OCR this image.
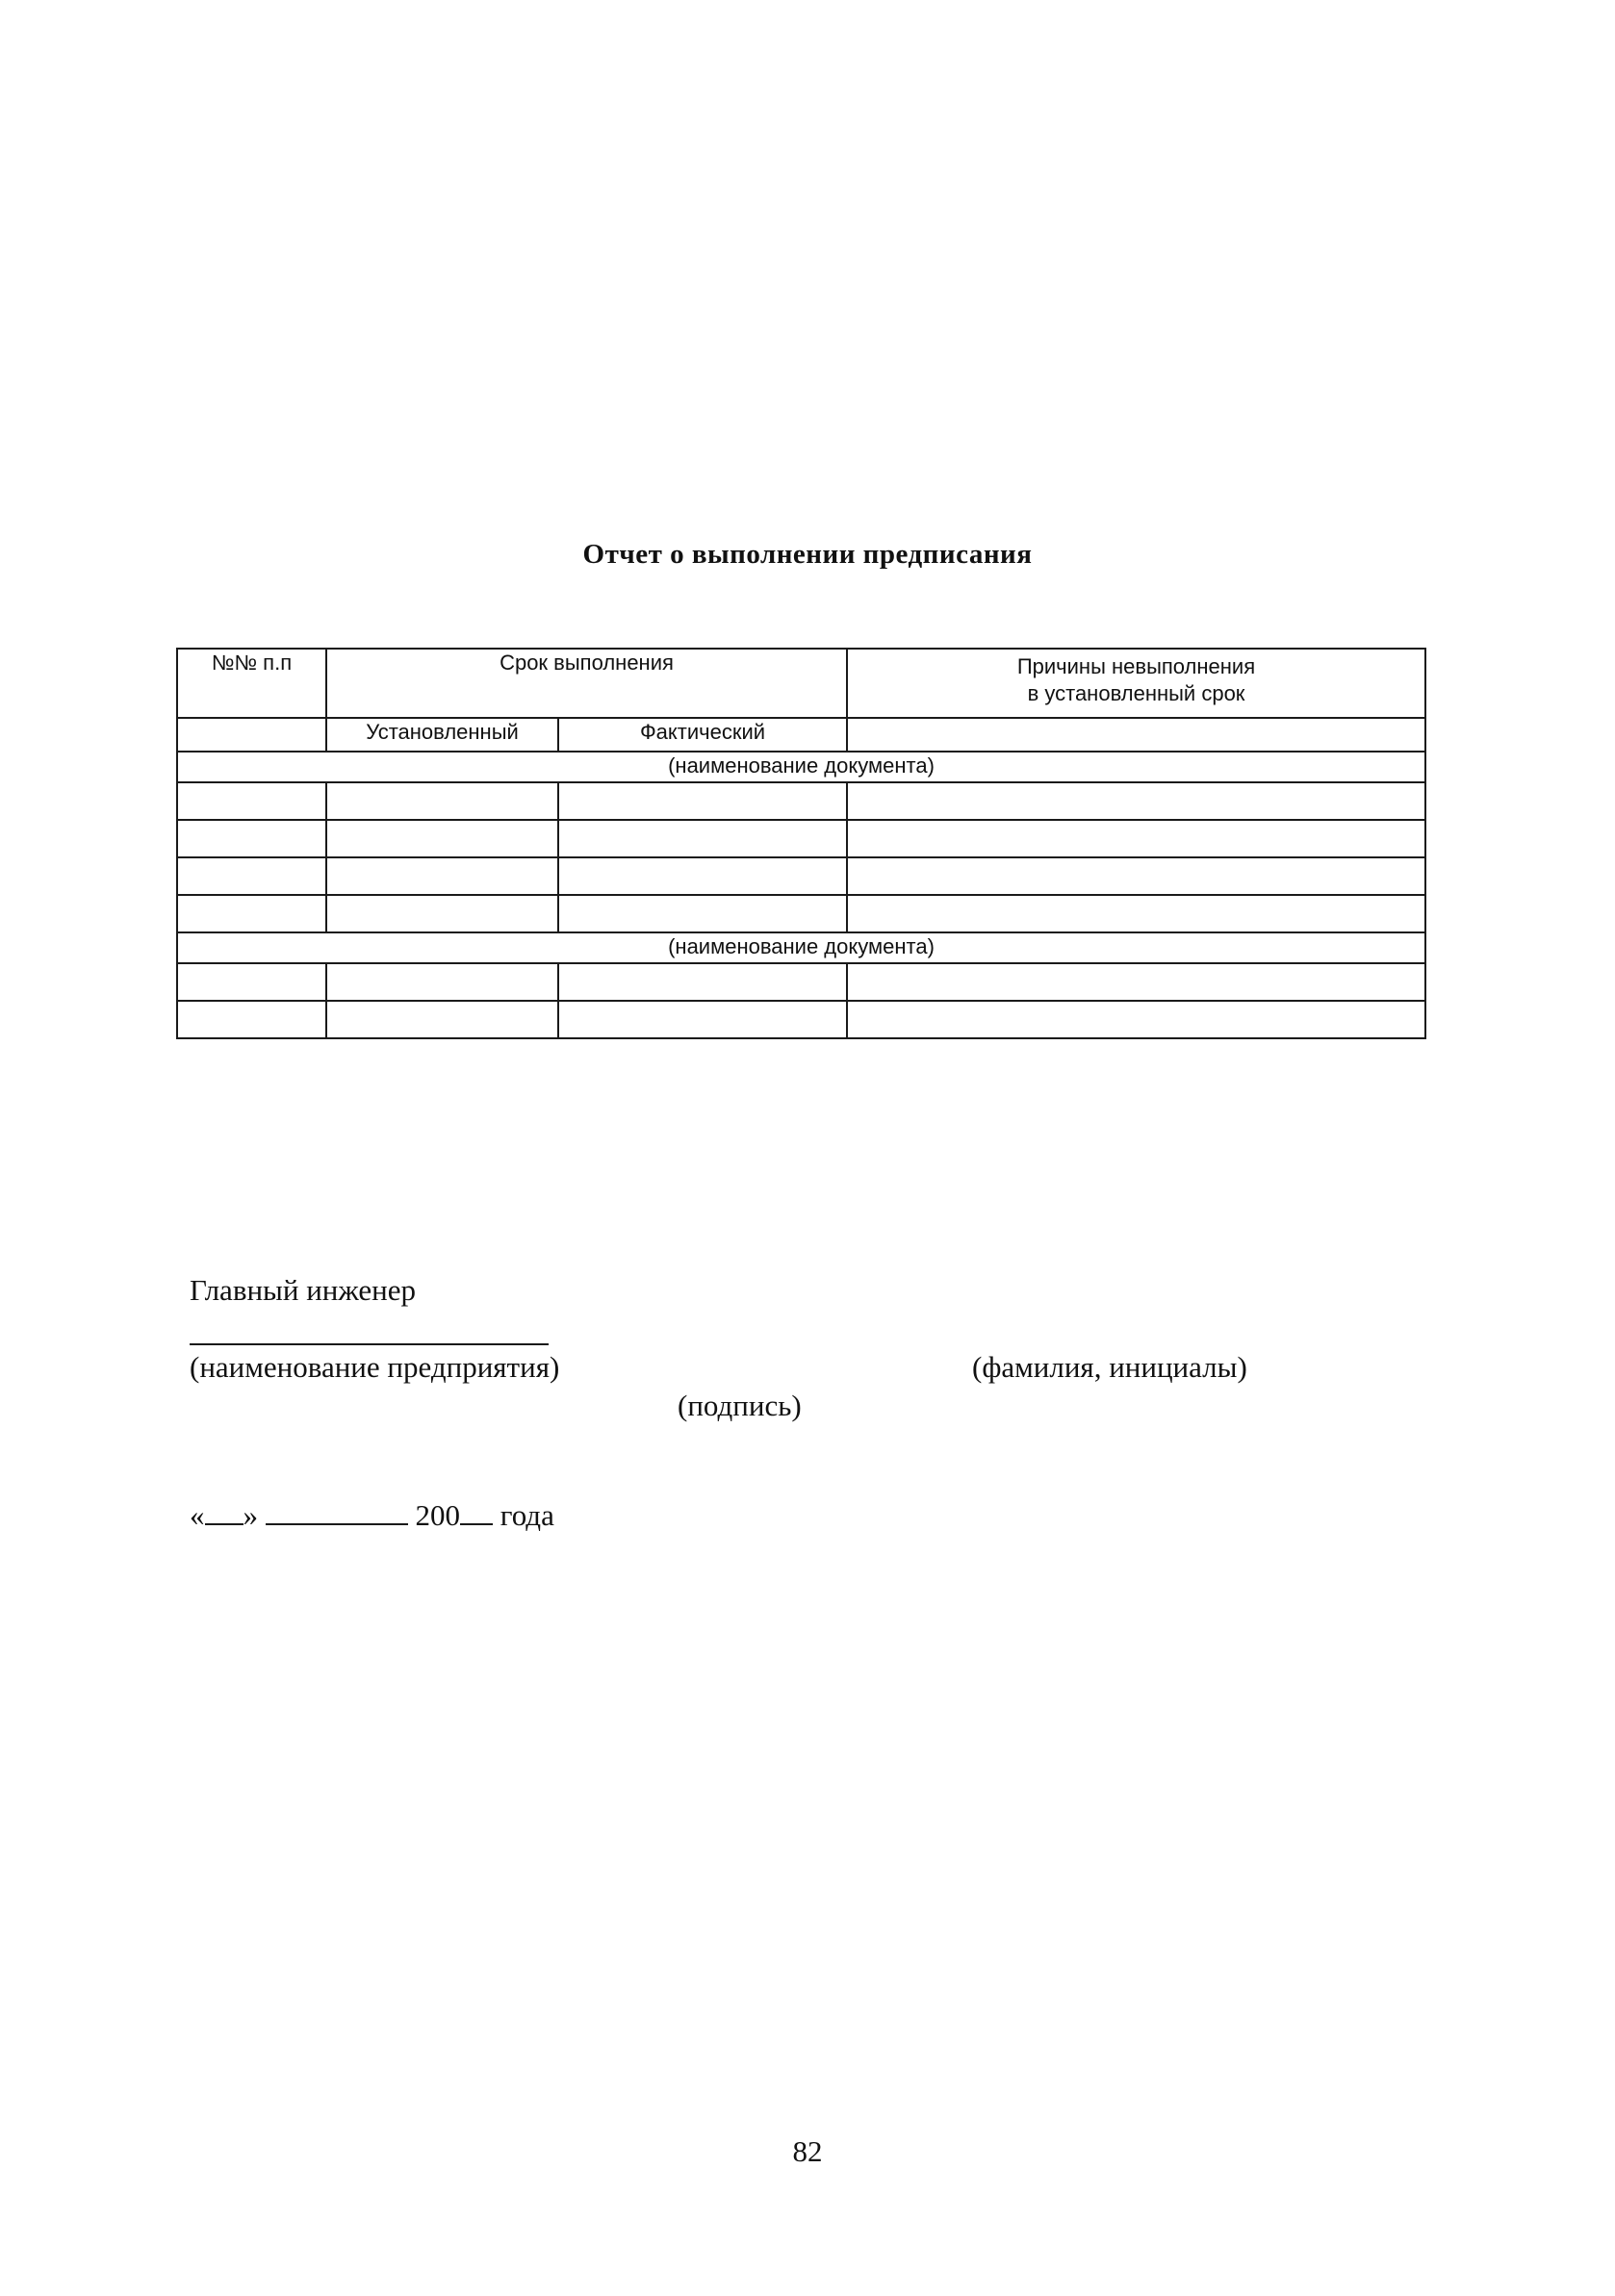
Отчет о выполнении предписания
№№ п.п	Срок выполнения		Причины невыполнения
в установленный срок

	Установленный	Фактический	
(наименование документа)			

(наименование документа)			

Главный инженер
(наименование предприятия)	(фамилия, инициалы)
(подпись)
« »	200 года
82
